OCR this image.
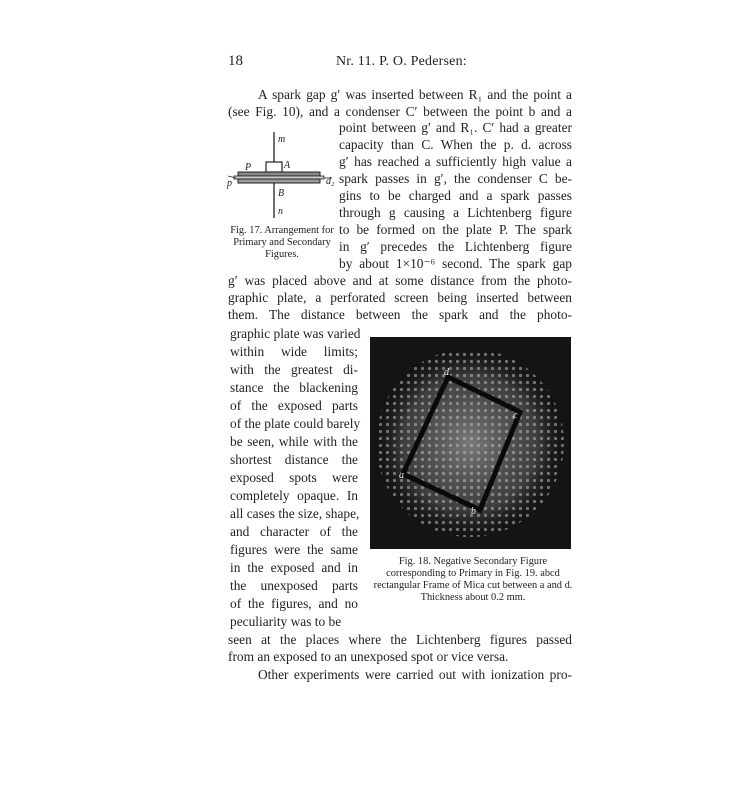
18	Nr. 11. P. O. Pedersen:
A spark gap g′ was inserted between R₁ and the point a
(see Fig. 10), and a condenser C′ between the point b and a
point between g′ and R₁. C′ had a greater
capacity than C. When the p. d. across
g′ has reached a sufficiently high value a
spark passes in g′, the condenser C be-
gins to be charged and a spark passes
through g causing a Lichtenberg figure
to be formed on the plate P. The spark
in g′ precedes the Lichtenberg figure
by about 1×10⁻⁶ second. The spark gap
g′ was placed above and at some distance from the photo-
graphic plate, a perforated screen being inserted between
them. The distance between the spark and the photo-
graphic plate was varied
within wide limits;
with the greatest di-
stance the blackening
of the exposed parts
of the plate could barely
be seen, while with the
shortest distance the
exposed spots were
completely opaque. In
all cases the size, shape,
and character of the
figures were the same
in the exposed and in
the unexposed parts
of the figures, and no
peculiarity was to be
seen at the places where the Lichtenberg figures passed
from an exposed to an unexposed spot or vice versa.
Other experiments were carried out with ionization pro-
m
P	A
p	d₂
B
n
Fig. 17. Arrangement for Primary and Secondary Figures.
d
c
a
b
Fig. 18. Negative Secondary Figure corresponding to Primary in Fig. 19. abcd rectangular Frame of Mica cut between a and d. Thickness about 0.2 mm.
